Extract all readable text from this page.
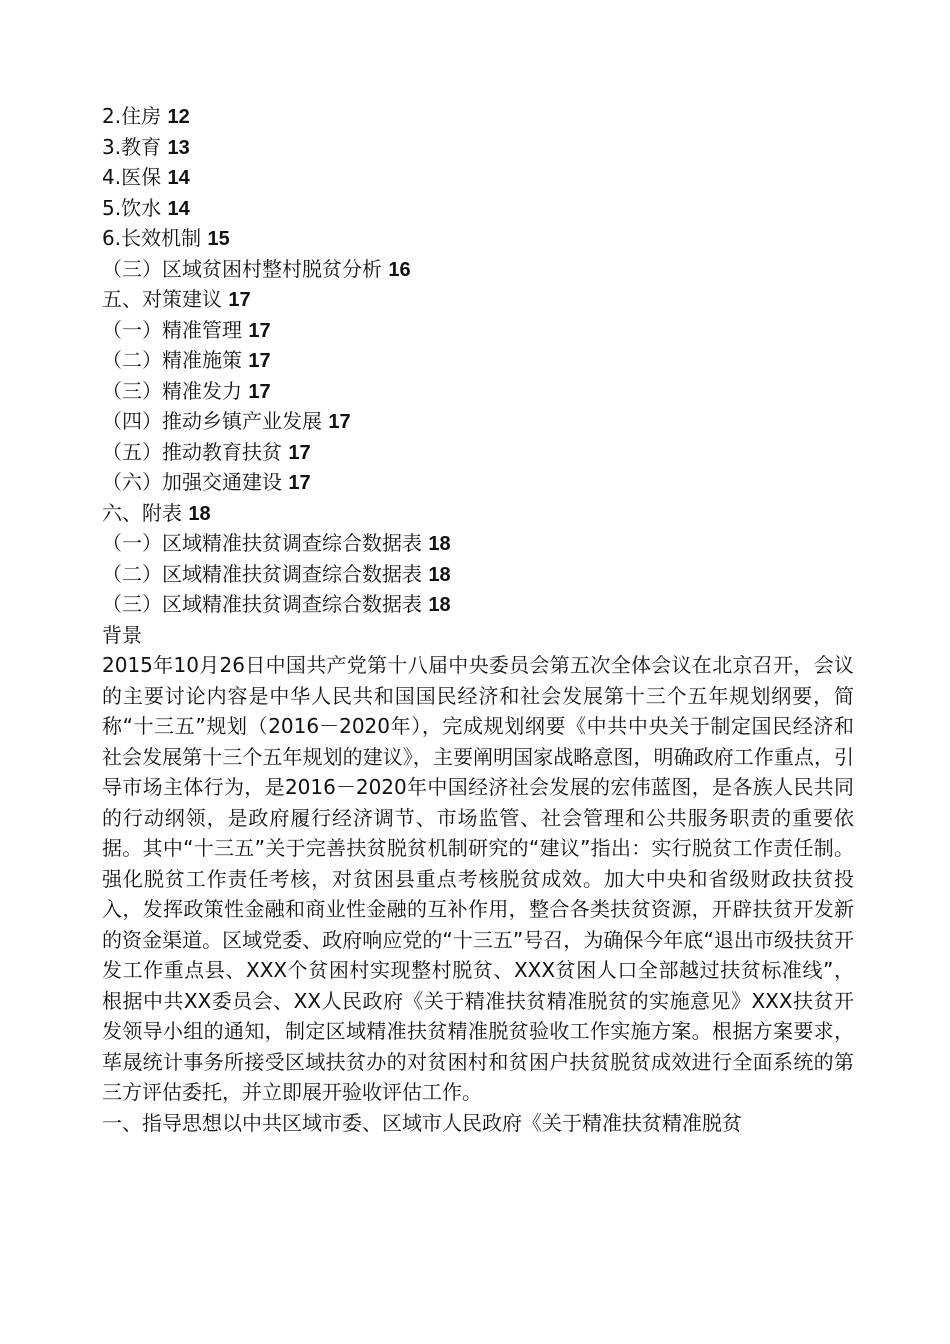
2.住房 12
3.教育 13
4.医保 14
5.饮水 14
6.长效机制 15
（三）区域贫困村整村脱贫分析 16
五、对策建议 17
（一）精准管理 17
（二）精准施策 17
（三）精准发力 17
（四）推动乡镇产业发展 17
（五）推动教育扶贫 17
（六）加强交通建设 17
六、附表 18
（一）区域精准扶贫调查综合数据表 18
（二）区域精准扶贫调查综合数据表 18
（三）区域精准扶贫调查综合数据表 18
背景

2015年10月26日中国共产党第十八届中央委员会第五次全体会议在北京召开，会议的主要讨论内容是中华人民共和国国民经济和社会发展第十三个五年规划纲要，简称“十三五”规划（2016－2020年），完成规划纲要《中共中央关于制定国民经济和社会发展第十三个五年规划的建议》，主要阐明国家战略意图，明确政府工作重点，引导市场主体行为，是2016－2020年中国经济社会发展的宏伟蓝图，是各族人民共同的行动纲领，是政府履行经济调节、市场监管、社会管理和公共服务职责的重要依据。其中“十三五”关于完善扶贫脱贫机制研究的“建议”指出：实行脱贫工作责任制。强化脱贫工作责任考核，对贫困县重点考核脱贫成效。加大中央和省级财政扶贫投入，发挥政策性金融和商业性金融的互补作用，整合各类扶贫资源，开辟扶贫开发新的资金渠道。区域党委、政府响应党的“十三五”号召，为确保今年底“退出市级扶贫开发工作重点县、XXX个贫困村实现整村脱贫、XXX贫困人口全部越过扶贫标准线”，根据中共XX委员会、XX人民政府《关于精准扶贫精准脱贫的实施意见》XXX扶贫开发领导小组的通知，制定区域精准扶贫精准脱贫验收工作实施方案。根据方案要求，荜晟统计事务所接受区域扶贫办的对贫困村和贫困户扶贫脱贫成效进行全面系统的第三方评估委托，并立即展开验收评估工作。

一、指导思想以中共区域市委、区域市人民政府《关于精准扶贫精准脱贫
